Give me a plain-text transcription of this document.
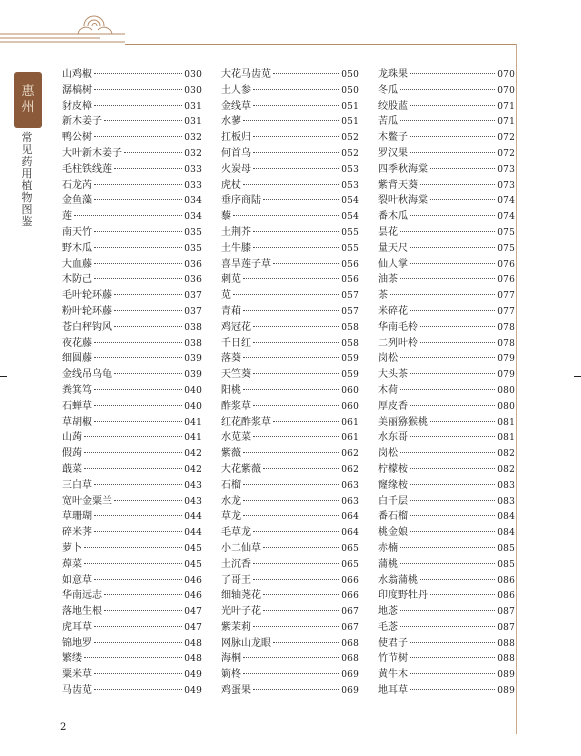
惠
州
常见药用植物图鉴
山鸡椒	030
潺槁树	030
豺皮樟	031
新木姜子	031
鸭公树	032
大叶新木姜子	032
毛柱铁线莲	033
石龙芮	033
金鱼藻	034
莲	034
南天竹	035
野木瓜	035
大血藤	036
木防己	036
毛叶轮环藤	037
粉叶轮环藤	037
苍白秤钩风	038
夜花藤	038
细圆藤	039
金线吊乌龟	039
粪箕笃	040
石蝉草	040
草胡椒	041
山蒟	041
假蒟	042
蕺菜	042
三白草	043
宽叶金粟兰	043
草珊瑚	044
碎米荠	044
萝卜	045
蔊菜	045
如意草	046
华南远志	046
落地生根	047
虎耳草	047
锦地罗	048
繁缕	048
粟米草	049
马齿苋	049
大花马齿苋	050
土人参	050
金线草	051
水蓼	051
扛板归	052
何首乌	052
火炭母	053
虎杖	053
垂序商陆	054
藜	054
土荆芥	055
土牛膝	055
喜旱莲子草	056
刺苋	056
苋	057
青葙	057
鸡冠花	058
千日红	058
落葵	059
天竺葵	059
阳桃	060
酢浆草	060
红花酢浆草	061
水苋菜	061
紫薇	062
大花紫薇	062
石榴	063
水龙	063
草龙	064
毛草龙	064
小二仙草	065
土沉香	065
了哥王	066
细轴荛花	066
光叶子花	067
紫茉莉	067
网脉山龙眼	068
海桐	068
箣柊	069
鸡蛋果	069
龙珠果	070
冬瓜	070
绞股蓝	071
苦瓜	071
木鳖子	072
罗汉果	072
四季秋海棠	073
紫背天葵	073
裂叶秋海棠	074
番木瓜	074
昙花	075
量天尺	075
仙人掌	076
油茶	076
茶	077
米碎花	077
华南毛柃	078
二列叶柃	078
岗松	079
大头茶	079
木荷	080
厚皮香	080
美丽猕猴桃	081
水东哥	081
岗松	082
柠檬桉	082
窿缘桉	083
白千层	083
番石榴	084
桃金娘	084
赤楠	085
蒲桃	085
水翁蒲桃	086
印度野牡丹	086
地菍	087
毛菍	087
使君子	088
竹节树	088
黄牛木	089
地耳草	089
2
